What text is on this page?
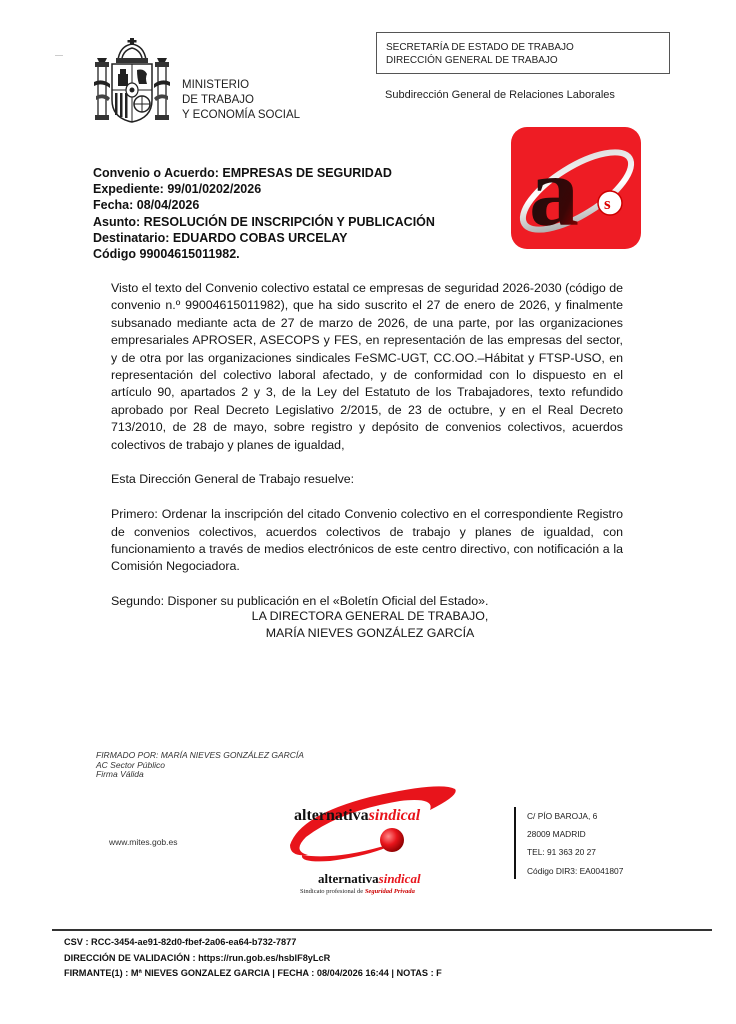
MINISTERIO
DE TRABAJO
Y ECONOMÍA SOCIAL
SECRETARÍA DE ESTADO DE TRABAJO
DIRECCIÓN GENERAL DE TRABAJO
Subdirección General de Relaciones Laborales
Convenio o Acuerdo: EMPRESAS DE SEGURIDAD
Expediente: 99/01/0202/2026
Fecha: 08/04/2026
Asunto: RESOLUCIÓN DE INSCRIPCIÓN Y PUBLICACIÓN
Destinatario: EDUARDO COBAS URCELAY
Código 99004615011982.
a s

Visto el texto del Convenio colectivo estatal ce empresas de seguridad 2026-2030 (código de convenio n.º 99004615011982), que ha sido suscrito el 27 de enero de 2026, y finalmente subsanado mediante acta de 27 de marzo de 2026, de una parte, por las organizaciones empresariales APROSER, ASECOPS y FES, en representación de las empresas del sector, y de otra por las organizaciones sindicales FeSMC-UGT, CC.OO.–Hábitat y FTSP-USO, en representación del colectivo laboral afectado, y de conformidad con lo dispuesto en el artículo 90, apartados 2 y 3, de la Ley del Estatuto de los Trabajadores, texto refundido aprobado por Real Decreto Legislativo 2/2015, de 23 de octubre, y en el Real Decreto 713/2010, de 28 de mayo, sobre registro y depósito de convenios colectivos, acuerdos colectivos de trabajo y planes de igualdad,

Esta Dirección General de Trabajo resuelve:

Primero: Ordenar la inscripción del citado Convenio colectivo en el correspondiente Registro de convenios colectivos, acuerdos colectivos de trabajo y planes de igualdad, con funcionamiento a través de medios electrónicos de este centro directivo, con notificación a la Comisión Negociadora.

Segundo: Disponer su publicación en el «Boletín Oficial del Estado».

LA DIRECTORA GENERAL DE TRABAJO,
MARÍA NIEVES GONZÁLEZ GARCÍA
FIRMADO POR: MARÍA NIEVES GONZÁLEZ GARCÍA
AC Sector Público
Firma Válida
www.mites.gob.es
alternativasindical
alternativasindical
Sindicato profesional de Seguridad Privada
C/ PÍO BAROJA, 6
28009 MADRID
TEL: 91 363 20 27
Código DIR3: EA0041807
CSV : RCC-3454-ae91-82d0-fbef-2a06-ea64-b732-7877
DIRECCIÓN DE VALIDACIÓN : https://run.gob.es/hsblF8yLcR
FIRMANTE(1) : Mª NIEVES GONZALEZ GARCIA | FECHA : 08/04/2026 16:44 | NOTAS : F
